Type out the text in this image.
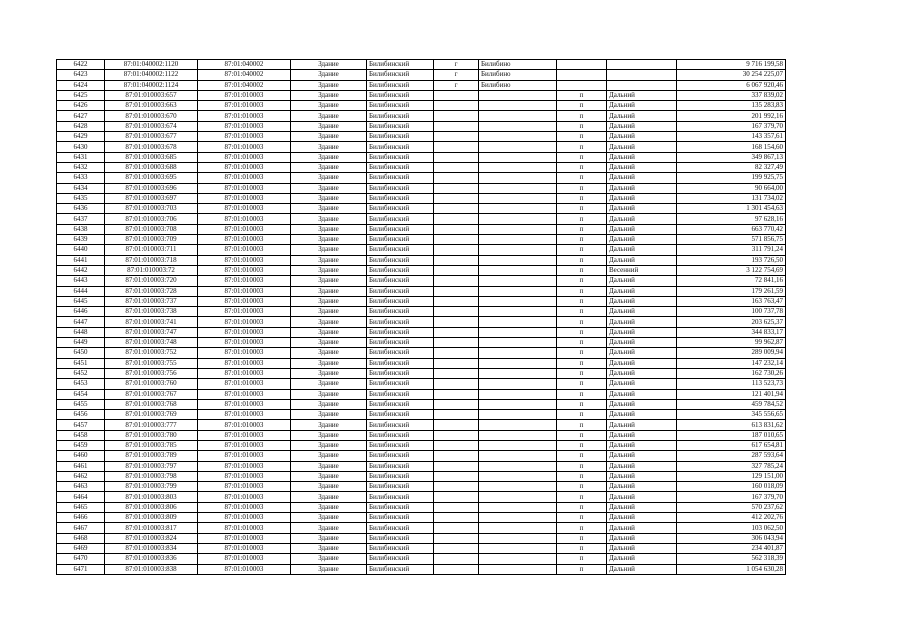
6422	87:01:040002:1120	87:01:040002	Здание	Билибинский	г	Билибино			9 716 199,58
6423	87:01:040002:1122	87:01:040002	Здание	Билибинский	г	Билибино			30 254 225,07
6424	87:01:040002:1124	87:01:040002	Здание	Билибинский	г	Билибино			6 067 920,46
6425	87:01:010003:657	87:01:010003	Здание	Билибинский			п	Дальний	337 839,02
6426	87:01:010003:663	87:01:010003	Здание	Билибинский			п	Дальний	135 283,83
6427	87:01:010003:670	87:01:010003	Здание	Билибинский			п	Дальний	201 992,16
6428	87:01:010003:674	87:01:010003	Здание	Билибинский			п	Дальний	167 379,70
6429	87:01:010003:677	87:01:010003	Здание	Билибинский			п	Дальний	143 357,61
6430	87:01:010003:678	87:01:010003	Здание	Билибинский			п	Дальний	168 154,60
6431	87:01:010003:685	87:01:010003	Здание	Билибинский			п	Дальний	349 867,13
6432	87:01:010003:688	87:01:010003	Здание	Билибинский			п	Дальний	82 327,49
6433	87:01:010003:695	87:01:010003	Здание	Билибинский			п	Дальний	199 925,75
6434	87:01:010003:696	87:01:010003	Здание	Билибинский			п	Дальний	90 664,00
6435	87:01:010003:697	87:01:010003	Здание	Билибинский			п	Дальний	131 734,02
6436	87:01:010003:703	87:01:010003	Здание	Билибинский			п	Дальний	1 301 454,63
6437	87:01:010003:706	87:01:010003	Здание	Билибинский			п	Дальний	97 628,16
6438	87:01:010003:708	87:01:010003	Здание	Билибинский			п	Дальний	663 770,42
6439	87:01:010003:709	87:01:010003	Здание	Билибинский			п	Дальний	571 856,75
6440	87:01:010003:711	87:01:010003	Здание	Билибинский			п	Дальний	311 791,24
6441	87:01:010003:718	87:01:010003	Здание	Билибинский			п	Дальний	193 726,50
6442	87:01:010003:72	87:01:010003	Здание	Билибинский			п	Весенний	3 122 754,69
6443	87:01:010003:720	87:01:010003	Здание	Билибинский			п	Дальний	72 841,16
6444	87:01:010003:728	87:01:010003	Здание	Билибинский			п	Дальний	179 261,59
6445	87:01:010003:737	87:01:010003	Здание	Билибинский			п	Дальний	163 763,47
6446	87:01:010003:738	87:01:010003	Здание	Билибинский			п	Дальний	100 737,78
6447	87:01:010003:741	87:01:010003	Здание	Билибинский			п	Дальний	203 625,37
6448	87:01:010003:747	87:01:010003	Здание	Билибинский			п	Дальний	344 833,17
6449	87:01:010003:748	87:01:010003	Здание	Билибинский			п	Дальний	99 962,87
6450	87:01:010003:752	87:01:010003	Здание	Билибинский			п	Дальний	289 009,94
6451	87:01:010003:755	87:01:010003	Здание	Билибинский			п	Дальний	147 232,14
6452	87:01:010003:756	87:01:010003	Здание	Билибинский			п	Дальний	162 730,26
6453	87:01:010003:760	87:01:010003	Здание	Билибинский			п	Дальний	113 523,73
6454	87:01:010003:767	87:01:010003	Здание	Билибинский			п	Дальний	121 401,94
6455	87:01:010003:768	87:01:010003	Здание	Билибинский			п	Дальний	459 784,52
6456	87:01:010003:769	87:01:010003	Здание	Билибинский			п	Дальний	345 556,65
6457	87:01:010003:777	87:01:010003	Здание	Билибинский			п	Дальний	613 831,62
6458	87:01:010003:780	87:01:010003	Здание	Билибинский			п	Дальний	187 010,65
6459	87:01:010003:785	87:01:010003	Здание	Билибинский			п	Дальний	617 654,81
6460	87:01:010003:789	87:01:010003	Здание	Билибинский			п	Дальний	287 593,64
6461	87:01:010003:797	87:01:010003	Здание	Билибинский			п	Дальний	327 785,24
6462	87:01:010003:798	87:01:010003	Здание	Билибинский			п	Дальний	129 151,00
6463	87:01:010003:799	87:01:010003	Здание	Билибинский			п	Дальний	160 018,09
6464	87:01:010003:803	87:01:010003	Здание	Билибинский			п	Дальний	167 379,70
6465	87:01:010003:806	87:01:010003	Здание	Билибинский			п	Дальний	570 237,62
6466	87:01:010003:809	87:01:010003	Здание	Билибинский			п	Дальний	412 202,76
6467	87:01:010003:817	87:01:010003	Здание	Билибинский			п	Дальний	103 062,50
6468	87:01:010003:824	87:01:010003	Здание	Билибинский			п	Дальний	306 043,94
6469	87:01:010003:834	87:01:010003	Здание	Билибинский			п	Дальний	234 401,87
6470	87:01:010003:836	87:01:010003	Здание	Билибинский			п	Дальний	562 318,39
6471	87:01:010003:838	87:01:010003	Здание	Билибинский			п	Дальний	1 054 630,28
